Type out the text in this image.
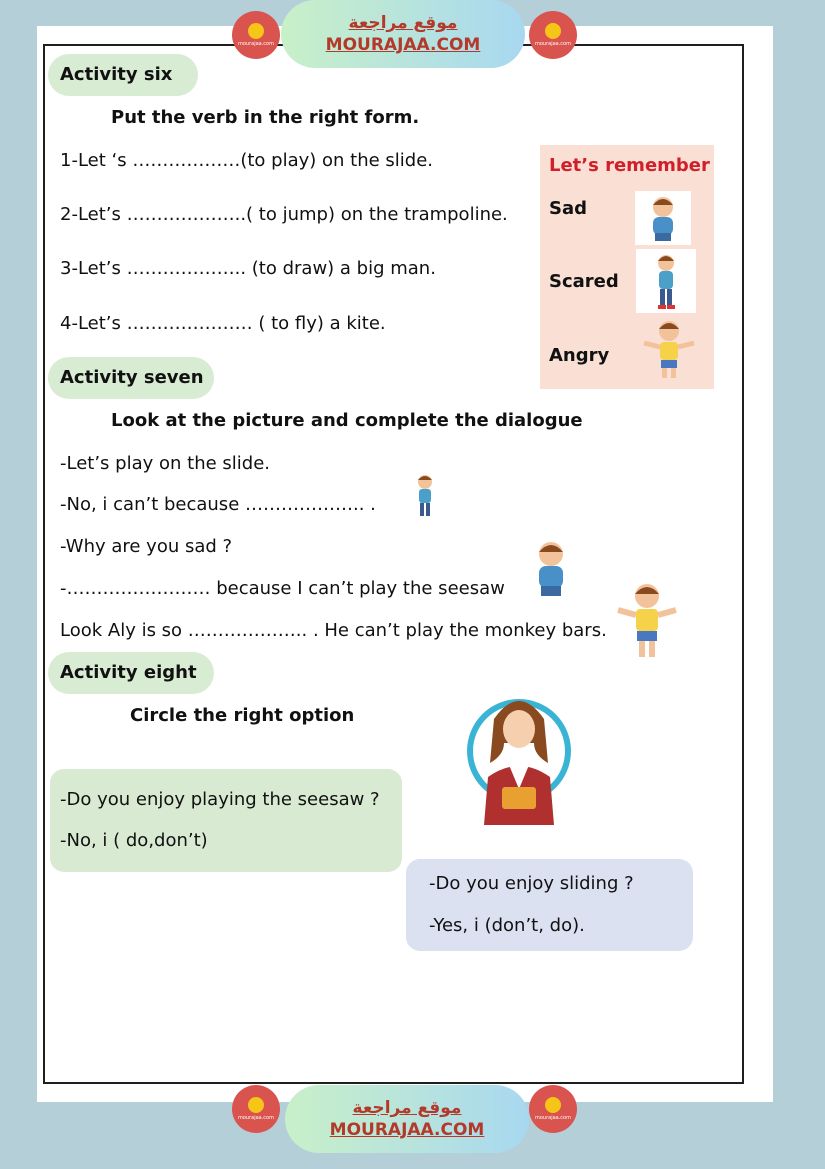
mourajaa.com
موقع مراجعة
MOURAJAA.COM	mourajaa.com
Activity six
Put the verb in the right form.
1-Let ‘s ………………(to play) on the slide.
2-Let’s ………………..( to jump) on the trampoline.
3-Let’s ……………….. (to draw) a big man.
4-Let’s ………………… ( to fly) a kite.
Let’s remember
Sad
Scared
Angry
Activity seven
Look at the picture and complete the dialogue
-Let’s play on the slide.
-No, i can’t because ……………….. .
-Why are you sad ?
-…………………… because I can’t play the seesaw
Look Aly is so ……………….. . He can’t play the monkey bars.
Activity eight
Circle the right option
-Do you enjoy playing the seesaw ?
-No, i ( do,don’t)
-Do you enjoy sliding ?
-Yes, i (don’t, do).
mourajaa.com	موقع مراجعة
MOURAJAA.COM
mourajaa.com
